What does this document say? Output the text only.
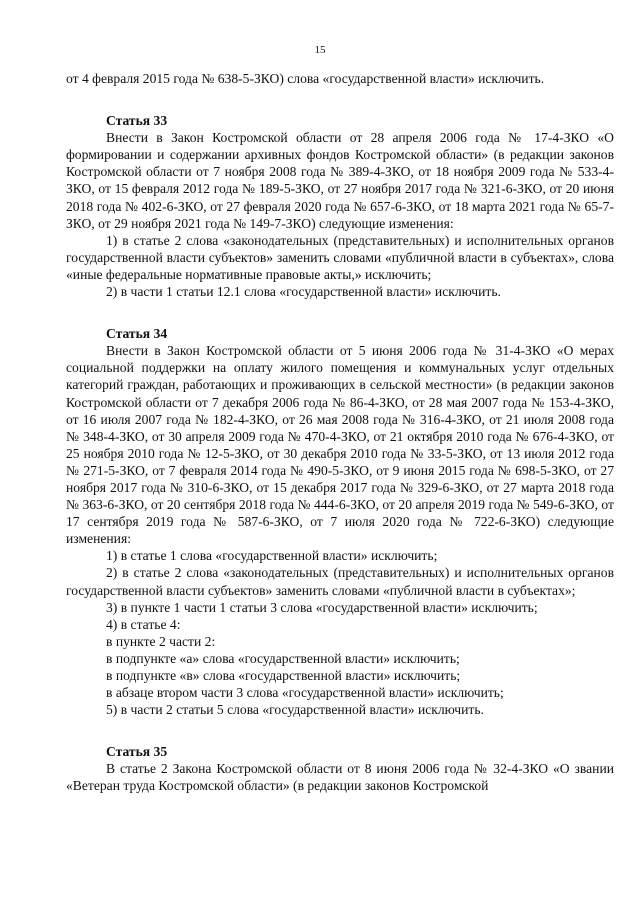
15

от 4 февраля 2015 года № 638-5-ЗКО) слова «государственной власти» исключить.

Статья 33

Внести в Закон Костромской области от 28 апреля 2006 года № 17-4-ЗКО «О формировании и содержании архивных фондов Костромской области» (в редакции законов Костромской области от 7 ноября 2008 года № 389-4-ЗКО, от 18 ноября 2009 года № 533-4-ЗКО, от 15 февраля 2012 года № 189-5-ЗКО, от 27 ноября 2017 года № 321-6-ЗКО, от 20 июня 2018 года № 402-6-ЗКО, от 27 февраля 2020 года № 657-6-ЗКО, от 18 марта 2021 года № 65-7-ЗКО, от 29 ноября 2021 года № 149-7-ЗКО) следующие изменения:

1) в статье 2 слова «законодательных (представительных) и исполнительных органов государственной власти субъектов» заменить словами «публичной власти в субъектах», слова «иные федеральные нормативные правовые акты,» исключить;

2) в части 1 статьи 12.1 слова «государственной власти» исключить.

Статья 34

Внести в Закон Костромской области от 5 июня 2006 года № 31-4-ЗКО «О мерах социальной поддержки на оплату жилого помещения и коммунальных услуг отдельных категорий граждан, работающих и проживающих в сельской местности» (в редакции законов Костромской области от 7 декабря 2006 года № 86-4-ЗКО, от 28 мая 2007 года № 153-4-ЗКО, от 16 июля 2007 года № 182-4-ЗКО, от 26 мая 2008 года № 316-4-ЗКО, от 21 июля 2008 года № 348-4-ЗКО, от 30 апреля 2009 года № 470-4-ЗКО, от 21 октября 2010 года № 676-4-ЗКО, от 25 ноября 2010 года № 12-5-ЗКО, от 30 декабря 2010 года № 33-5-ЗКО, от 13 июля 2012 года № 271-5-ЗКО, от 7 февраля 2014 года № 490-5-ЗКО, от 9 июня 2015 года № 698-5-ЗКО, от 27 ноября 2017 года № 310-6-ЗКО, от 15 декабря 2017 года № 329-6-ЗКО, от 27 марта 2018 года № 363-6-ЗКО, от 20 сентября 2018 года № 444-6-ЗКО, от 20 апреля 2019 года № 549-6-ЗКО, от 17 сентября 2019 года № 587-6-ЗКО, от 7 июля 2020 года № 722-6-ЗКО) следующие изменения:

1) в статье 1 слова «государственной власти» исключить;

2) в статье 2 слова «законодательных (представительных) и исполнительных органов государственной власти субъектов» заменить словами «публичной власти в субъектах»;

3) в пункте 1 части 1 статьи 3 слова «государственной власти» исключить;

4) в статье 4:

в пункте 2 части 2:

в подпункте «а» слова «государственной власти» исключить;

в подпункте «в» слова «государственной власти» исключить;

в абзаце втором части 3 слова «государственной власти» исключить;

5) в части 2 статьи 5 слова «государственной власти» исключить.

Статья 35

В статье 2 Закона Костромской области от 8 июня 2006 года № 32-4-ЗКО «О звании «Ветеран труда Костромской области» (в редакции законов Костромской
